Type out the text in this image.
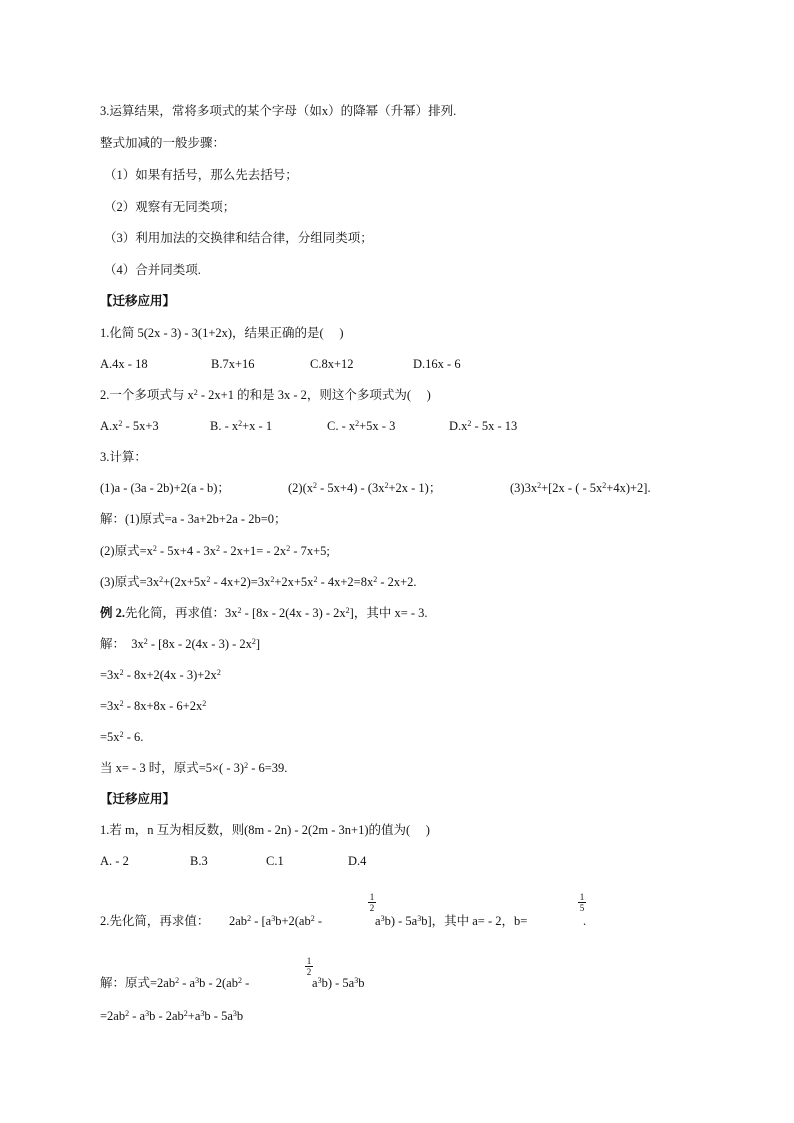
3.运算结果，常将多项式的某个字母（如x）的降幂（升幂）排列.
整式加减的一般步骤：
（1）如果有括号，那么先去括号；
（2）观察有无同类项；
（3）利用加法的交换律和结合律，分组同类项；
（4）合并同类项.
【迁移应用】
1.化简 5(2x - 3) - 3(1+2x)，结果正确的是(　 )
A.4x - 18	B.7x+16	C.8x+12	D.16x - 6
2.一个多项式与 $x^2 - 2x+1$ 的和是 3x - 2，则这个多项式为(　 )
$A.x^2 - 5x+3$	B. - $x^2+x - 1$	C. - $x^2+5x - 3$	$D.x^2 - 5x - 13$
3.计算：
(1)a - (3a - 2b)+2(a - b)；	$(2)(x^2 - 5x+4) - (3x^2+2x - 1)$；	$(3)3x^2+[2x$ - ( - $5x^2+4x)+2$].
解：(1)原式=a - 3a+2b+2a - 2b=0；
(2)原式$=x^2 - 5x+4 - 3x^2 - 2x+1= - 2x^2 - 7x+5$;
(3)原式$=3x^2+(2x+5x^2 - 4x+2)=3x^2+2x+5x^2 - 4x+2=8x^2 - 2x+2$.
例 2.先化简，再求值：$3x^2 - [8x - 2(4x - 3) - 2x^2]$，其中 x= - 3.
解：　$3x^2 - [8x - 2(4x - 3) - 2x^2]$
$=3x^2 - 8x+2(4x - 3)+2x^2$
$=3x^2 - 8x+8x - 6+2x^2$
$=5x^2 - 6$.
当 x= - 3 时，原式=5×( - 3)$^2$ - 6=39.
【迁移应用】
1.若 m，n 互为相反数，则(8m - 2n) - 2(2m - 3n+1)的值为(　 )
A. - 2	B.3	C.1	D.4
2.先化简，再求值： $2ab^2 - [a^3b+2(ab^2$ -
1
2
$a^3b) - 5a^3b$]，其中 a= - 2，b=
1
5
.
解：原式$=2ab^2 - a^3b - 2(ab^2$ -
1
2
$a^3b) - 5a^3b$
$=2ab^2 - a^3b - 2ab^2+a^3b - 5a^3b$
